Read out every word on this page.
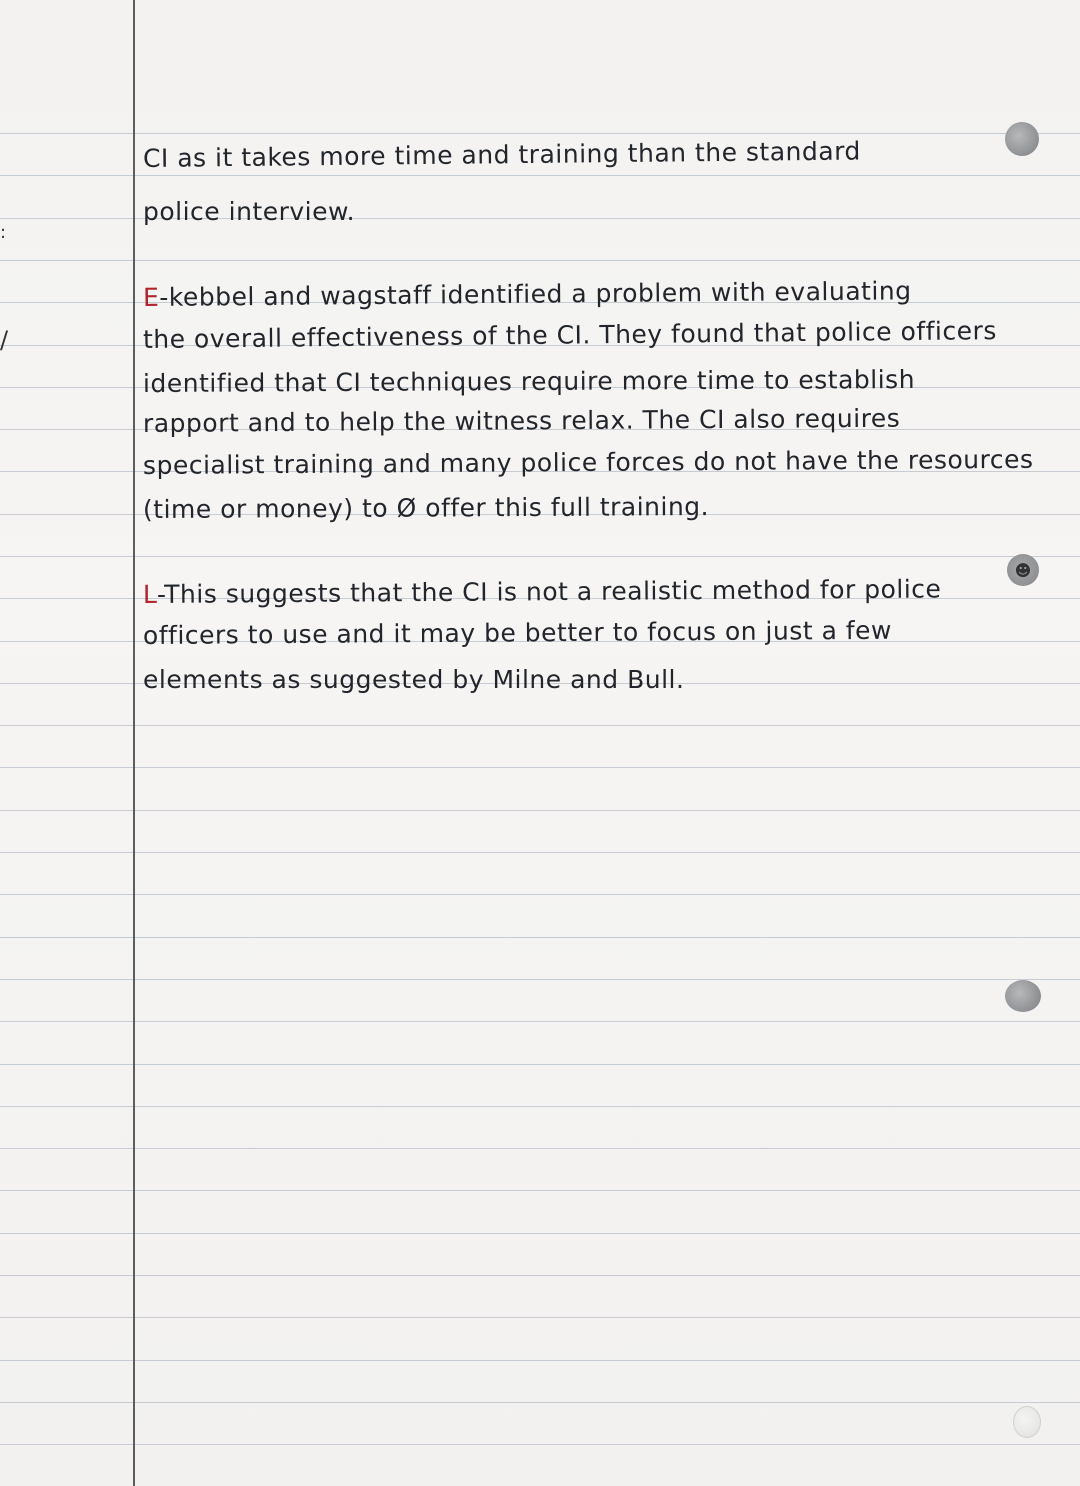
☻
:
/
CI as it takes more time and training than the standard
police interview.
E-kebbel and wagstaff identified a problem with evaluating
the overall effectiveness of the CI. They found that police officers
identified that CI techniques require more time to establish
rapport and to help the witness relax. The CI also requires
specialist training and many police forces do not have the resources
(time or money) to Ø offer this full training.
L-This suggests that the CI is not a realistic method for police
officers to use and it may be better to focus on just a few
elements as suggested by Milne and Bull.
